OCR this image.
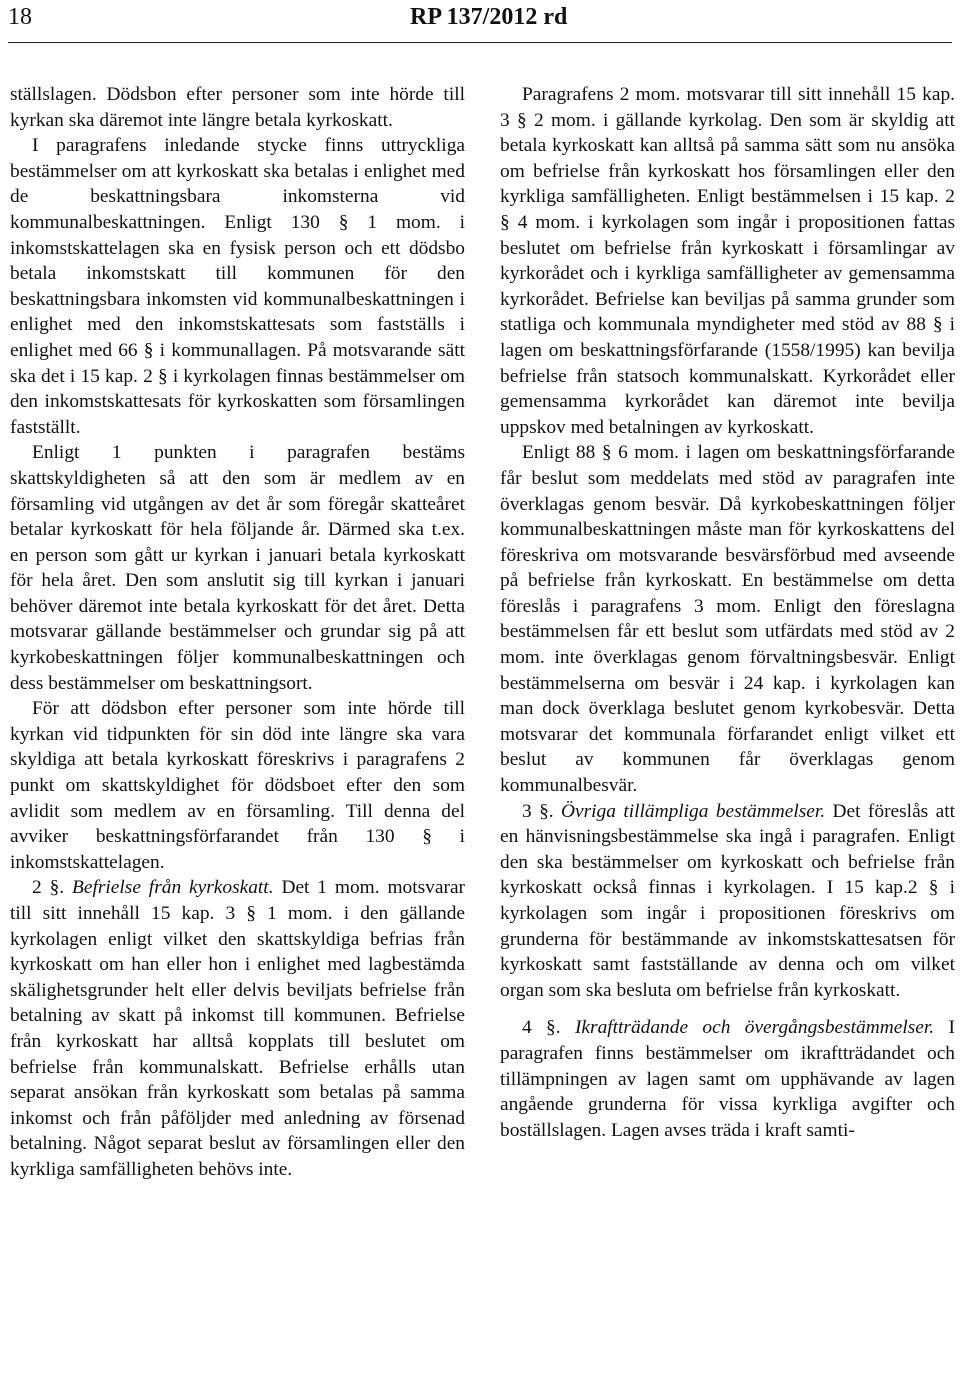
18	RP 137/2012 rd

ställslagen. Dödsbon efter personer som inte hörde till kyrkan ska däremot inte längre betala kyrkoskatt.

I paragrafens inledande stycke finns uttryckliga bestämmelser om att kyrkoskatt ska betalas i enlighet med de beskattningsbara inkomsterna vid kommunalbeskattningen. Enligt 130 § 1 mom. i inkomstskattelagen ska en fysisk person och ett dödsbo betala inkomstskatt till kommunen för den beskattningsbara inkomsten vid kommunalbeskattningen i enlighet med den inkomstskattesats som fastställs i enlighet med 66 § i kommunallagen. På motsvarande sätt ska det i 15 kap. 2 § i kyrkolagen finnas bestämmelser om den inkomstskattesats för kyrkoskatten som församlingen fastställt.

Enligt 1 punkten i paragrafen bestäms skattskyldigheten så att den som är medlem av en församling vid utgången av det år som föregår skatteåret betalar kyrkoskatt för hela följande år. Därmed ska t.ex. en person som gått ur kyrkan i januari betala kyrkoskatt för hela året. Den som anslutit sig till kyrkan i januari behöver däremot inte betala kyrkoskatt för det året. Detta motsvarar gällande bestämmelser och grundar sig på att kyrkobeskattningen följer kommunalbeskattningen och dess bestämmelser om beskattningsort.

För att dödsbon efter personer som inte hörde till kyrkan vid tidpunkten för sin död inte längre ska vara skyldiga att betala kyrkoskatt föreskrivs i paragrafens 2 punkt om skattskyldighet för dödsboet efter den som avlidit som medlem av en församling. Till denna del avviker beskattningsförfarandet från 130 § i inkomstskattelagen.

2 §. Befrielse från kyrkoskatt. Det 1 mom. motsvarar till sitt innehåll 15 kap. 3 § 1 mom. i den gällande kyrkolagen enligt vilket den skattskyldiga befrias från kyrkoskatt om han eller hon i enlighet med lagbestämda skälighetsgrunder helt eller delvis beviljats befrielse från betalning av skatt på inkomst till kommunen. Befrielse från kyrkoskatt har alltså kopplats till beslutet om befrielse från kommunalskatt. Befrielse erhålls utan separat ansökan från kyrkoskatt som betalas på samma inkomst och från påföljder med anledning av försenad betalning. Något separat beslut av församlingen eller den kyrkliga samfälligheten behövs inte.

Paragrafens 2 mom. motsvarar till sitt innehåll 15 kap. 3 § 2 mom. i gällande kyrkolag. Den som är skyldig att betala kyrkoskatt kan alltså på samma sätt som nu ansöka om befrielse från kyrkoskatt hos församlingen eller den kyrkliga samfälligheten. Enligt bestämmelsen i 15 kap. 2 § 4 mom. i kyrkolagen som ingår i propositionen fattas beslutet om befrielse från kyrkoskatt i församlingar av kyrkorådet och i kyrkliga samfälligheter av gemensamma kyrkorådet. Befrielse kan beviljas på samma grunder som statliga och kommunala myndigheter med stöd av 88 § i lagen om beskattningsförfarande (1558/1995) kan bevilja befrielse från statsoch kommunalskatt. Kyrkorådet eller gemensamma kyrkorådet kan däremot inte bevilja uppskov med betalningen av kyrkoskatt.

Enligt 88 § 6 mom. i lagen om beskattningsförfarande får beslut som meddelats med stöd av paragrafen inte överklagas genom besvär. Då kyrkobeskattningen följer kommunalbeskattningen måste man för kyrkoskattens del föreskriva om motsvarande besvärsförbud med avseende på befrielse från kyrkoskatt. En bestämmelse om detta föreslås i paragrafens 3 mom. Enligt den föreslagna bestämmelsen får ett beslut som utfärdats med stöd av 2 mom. inte överklagas genom förvaltningsbesvär. Enligt bestämmelserna om besvär i 24 kap. i kyrkolagen kan man dock överklaga beslutet genom kyrkobesvär. Detta motsvarar det kommunala förfarandet enligt vilket ett beslut av kommunen får överklagas genom kommunalbesvär.

3 §. Övriga tillämpliga bestämmelser. Det föreslås att en hänvisningsbestämmelse ska ingå i paragrafen. Enligt den ska bestämmelser om kyrkoskatt och befrielse från kyrkoskatt också finnas i kyrkolagen. I 15 kap.2 § i kyrkolagen som ingår i propositionen föreskrivs om grunderna för bestämmande av inkomstskattesatsen för kyrkoskatt samt fastställande av denna och om vilket organ som ska besluta om befrielse från kyrkoskatt.

4 §. Ikraftträdande och övergångsbestämmelser. I paragrafen finns bestämmelser om ikraftträdandet och tillämpningen av lagen samt om upphävande av lagen angående grunderna för vissa kyrkliga avgifter och boställslagen. Lagen avses träda i kraft samti-
